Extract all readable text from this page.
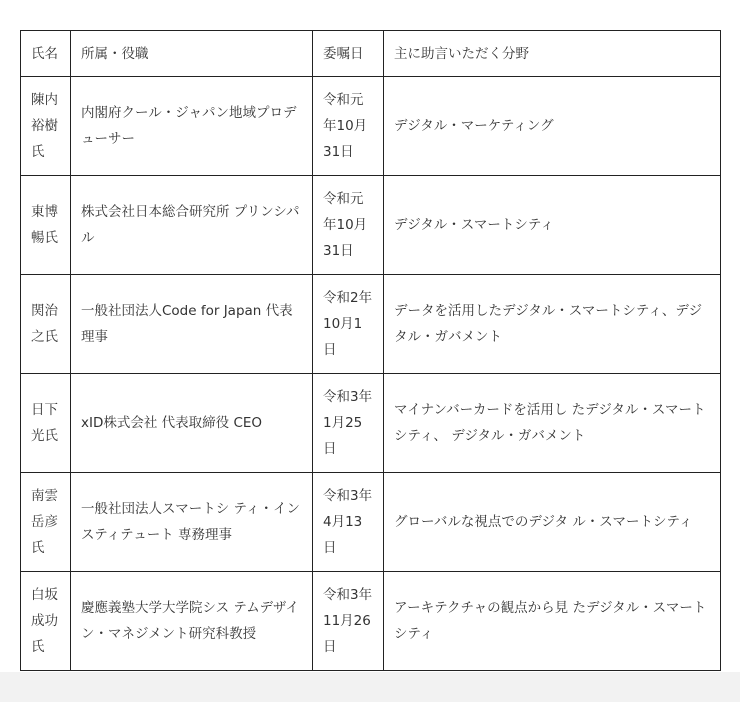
氏名	所属・役職	委嘱日	主に助言いただく分野
陳内裕樹氏	内閣府クール・ジャパン地域プロデューサー	令和元年10月31日	デジタル・マーケティング
東博暢氏	株式会社日本総合研究所 プリンシパル	令和元年10月31日	デジタル・スマートシティ
関治之氏	一般社団法人Code for Japan 代表理事	令和2年10月1日	データを活用したデジタル・スマートシティ、デジタル・ガバメント
日下光氏	xID株式会社 代表取締役 CEO	令和3年1月25日	マイナンバーカードを活用し たデジタル・スマートシティ、 デジタル・ガバメント
南雲岳彦氏	一般社団法人スマートシ ティ・インスティテュート 専務理事	令和3年4月13日	グローバルな視点でのデジタ ル・スマートシティ
白坂成功氏	慶應義塾大学大学院シス テムデザイン・マネジメント研究科教授	令和3年11月26日	アーキテクチャの観点から見 たデジタル・スマートシティ
